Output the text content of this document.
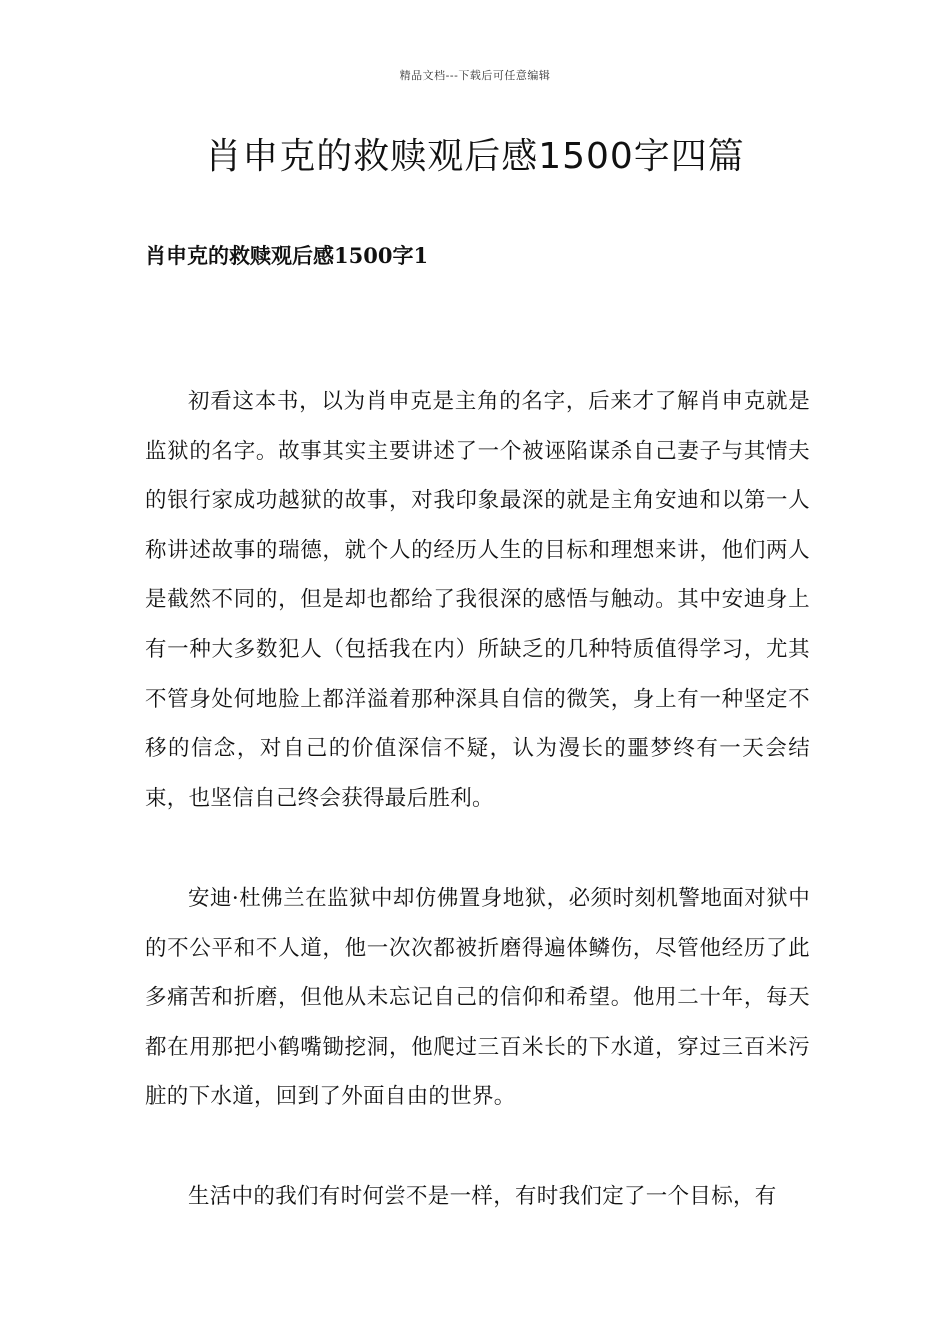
精品文档---下载后可任意编辑
肖申克的救赎观后感1500字四篇
肖申克的救赎观后感1500字1

初看这本书，以为肖申克是主角的名字，后来才了解肖申克就是监狱的名字。故事其实主要讲述了一个被诬陷谋杀自己妻子与其情夫的银行家成功越狱的故事，对我印象最深的就是主角安迪和以第一人称讲述故事的瑞德，就个人的经历人生的目标和理想来讲，他们两人是截然不同的，但是却也都给了我很深的感悟与触动。其中安迪身上有一种大多数犯人（包括我在内）所缺乏的几种特质值得学习，尤其不管身处何地脸上都洋溢着那种深具自信的微笑，身上有一种坚定不移的信念，对自己的价值深信不疑，认为漫长的噩梦终有一天会结束，也坚信自己终会获得最后胜利。

安迪·杜佛兰在监狱中却仿佛置身地狱，必须时刻机警地面对狱中的不公平和不人道，他一次次都被折磨得遍体鳞伤，尽管他经历了此多痛苦和折磨，但他从未忘记自己的信仰和希望。他用二十年，每天都在用那把小鹤嘴锄挖洞，他爬过三百米长的下水道，穿过三百米污脏的下水道，回到了外面自由的世界。

生活中的我们有时何尝不是一样，有时我们定了一个目标，有
